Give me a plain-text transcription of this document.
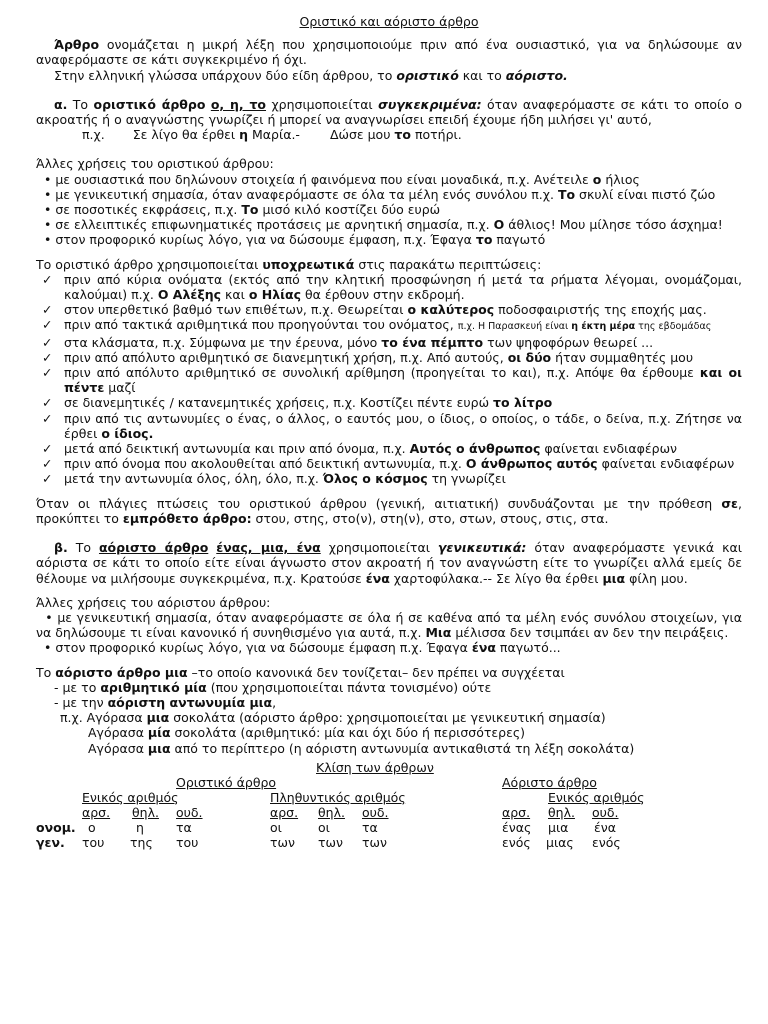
Οριστικό και αόριστο άρθρο

Άρθρο ονομάζεται η μικρή λέξη που χρησιμοποιούμε πριν από ένα ουσιαστικό, για να δηλώσουμε αν αναφερόμαστε σε κάτι συγκεκριμένο ή όχι.

Στην ελληνική γλώσσα υπάρχουν δύο είδη άρθρου, το οριστικό και το αόριστο.

α. Το οριστικό άρθρο ο, η, το χρησιμοποιείται συγκεκριμένα: όταν αναφερόμαστε σε κάτι το οποίο ο ακροατής ή ο αναγνώστης γνωρίζει ή μπορεί να αναγνωρίσει επειδή έχουμε ήδη μιλήσει γι' αυτό,

π.χ. Σε λίγο θα έρθει η Μαρία.- Δώσε μου το ποτήρι.

Άλλες χρήσεις του οριστικού άρθρου:

• με ουσιαστικά που δηλώνουν στοιχεία ή φαινόμενα που είναι μοναδικά, π.χ. Ανέτειλε ο ήλιος

• με γενικευτική σημασία, όταν αναφερόμαστε σε όλα τα μέλη ενός συνόλου π.χ. Το σκυλί είναι πιστό ζώο

• σε ποσοτικές εκφράσεις, π.χ. Το μισό κιλό κοστίζει δύο ευρώ

• σε ελλειπτικές επιφωνηματικές προτάσεις με αρνητική σημασία, π.χ. Ο άθλιος! Μου μίλησε τόσο άσχημα!

• στον προφορικό κυρίως λόγο, για να δώσουμε έμφαση, π.χ. Έφαγα το παγωτό

Το οριστικό άρθρο χρησιμοποιείται υποχρεωτικά στις παρακάτω περιπτώσεις:

✓ πριν από κύρια ονόματα (εκτός από την κλητική προσφώνηση ή μετά τα ρήματα λέγομαι, ονομάζομαι, καλούμαι) π.χ. Ο Αλέξης και ο Ηλίας θα έρθουν στην εκδρομή.

✓ στον υπερθετικό βαθμό των επιθέτων, π.χ. Θεωρείται ο καλύτερος ποδοσφαιριστής της εποχής μας.

✓ πριν από τακτικά αριθμητικά που προηγούνται του ονόματος, π.χ. Η Παρασκευή είναι η έκτη μέρα της εβδομάδας

✓ στα κλάσματα, π.χ. Σύμφωνα με την έρευνα, μόνο το ένα πέμπτο των ψηφοφόρων θεωρεί ...

✓ πριν από απόλυτο αριθμητικό σε διανεμητική χρήση, π.χ. Από αυτούς, οι δύο ήταν συμμαθητές μου

✓ πριν από απόλυτο αριθμητικό σε συνολική αρίθμηση (προηγείται το και), π.χ. Απόψε θα έρθουμε και οι πέντε μαζί

✓ σε διανεμητικές / κατανεμητικές χρήσεις, π.χ. Κοστίζει πέντε ευρώ το λίτρο

✓ πριν από τις αντωνυμίες ο ένας, ο άλλος, ο εαυτός μου, ο ίδιος, ο οποίος, ο τάδε, ο δείνα, π.χ. Ζήτησε να έρθει ο ίδιος.

✓ μετά από δεικτική αντωνυμία και πριν από όνομα, π.χ. Αυτός ο άνθρωπος φαίνεται ενδιαφέρων

✓ πριν από όνομα που ακολουθείται από δεικτική αντωνυμία, π.χ. Ο άνθρωπος αυτός φαίνεται ενδιαφέρων

✓ μετά την αντωνυμία όλος, όλη, όλο, π.χ. Όλος ο κόσμος τη γνωρίζει

Όταν οι πλάγιες πτώσεις του οριστικού άρθρου (γενική, αιτιατική) συνδυάζονται με την πρόθεση σε, προκύπτει το εμπρόθετο άρθρο: στου, στης, στο(ν), στη(ν), στο, στων, στους, στις, στα.

β. Το αόριστο άρθρο ένας, μια, ένα χρησιμοποιείται γενικευτικά: όταν αναφερόμαστε γενικά και αόριστα σε κάτι το οποίο είτε είναι άγνωστο στον ακροατή ή τον αναγνώστη είτε το γνωρίζει αλλά εμείς δε θέλουμε να μιλήσουμε συγκεκριμένα, π.χ. Κρατούσε ένα χαρτοφύλακα.-- Σε λίγο θα έρθει μια φίλη μου.

Άλλες χρήσεις του αόριστου άρθρου:

• με γενικευτική σημασία, όταν αναφερόμαστε σε όλα ή σε καθένα από τα μέλη ενός συνόλου στοιχείων, για να δηλώσουμε τι είναι κανονικό ή συνηθισμένο για αυτά, π.χ. Μια μέλισσα δεν τσιμπάει αν δεν την πειράξεις.

• στον προφορικό κυρίως λόγο, για να δώσουμε έμφαση π.χ. Έφαγα ένα παγωτό...

Το αόριστο άρθρο μια –το οποίο κανονικά δεν τονίζεται– δεν πρέπει να συγχέεται

- με το αριθμητικό μία (που χρησιμοποιείται πάντα τονισμένο) ούτε

- με την αόριστη αντωνυμία μια,

π.χ. Αγόρασα μια σοκολάτα (αόριστο άρθρο: χρησιμοποιείται με γενικευτική σημασία)

Αγόρασα μία σοκολάτα (αριθμητικό: μία και όχι δύο ή περισσότερες)

Αγόρασα μια από το περίπτερο (η αόριστη αντωνυμία αντικαθιστά τη λέξη σοκολάτα)

Κλίση των άρθρων
Οριστικό άρθρο	Αόριστο άρθρο
Ενικός αριθμός	Πληθυντικός αριθμός	Ενικός αριθμός
αρσ. θηλ. ουδ.	αρσ. θηλ. ουδ.	αρσ. θηλ. ουδ.
ονομ. ο	η	τα	οι	οι	τα	ένας μια ένα
γεν. του της του	των των των	ενός μιας ενός
